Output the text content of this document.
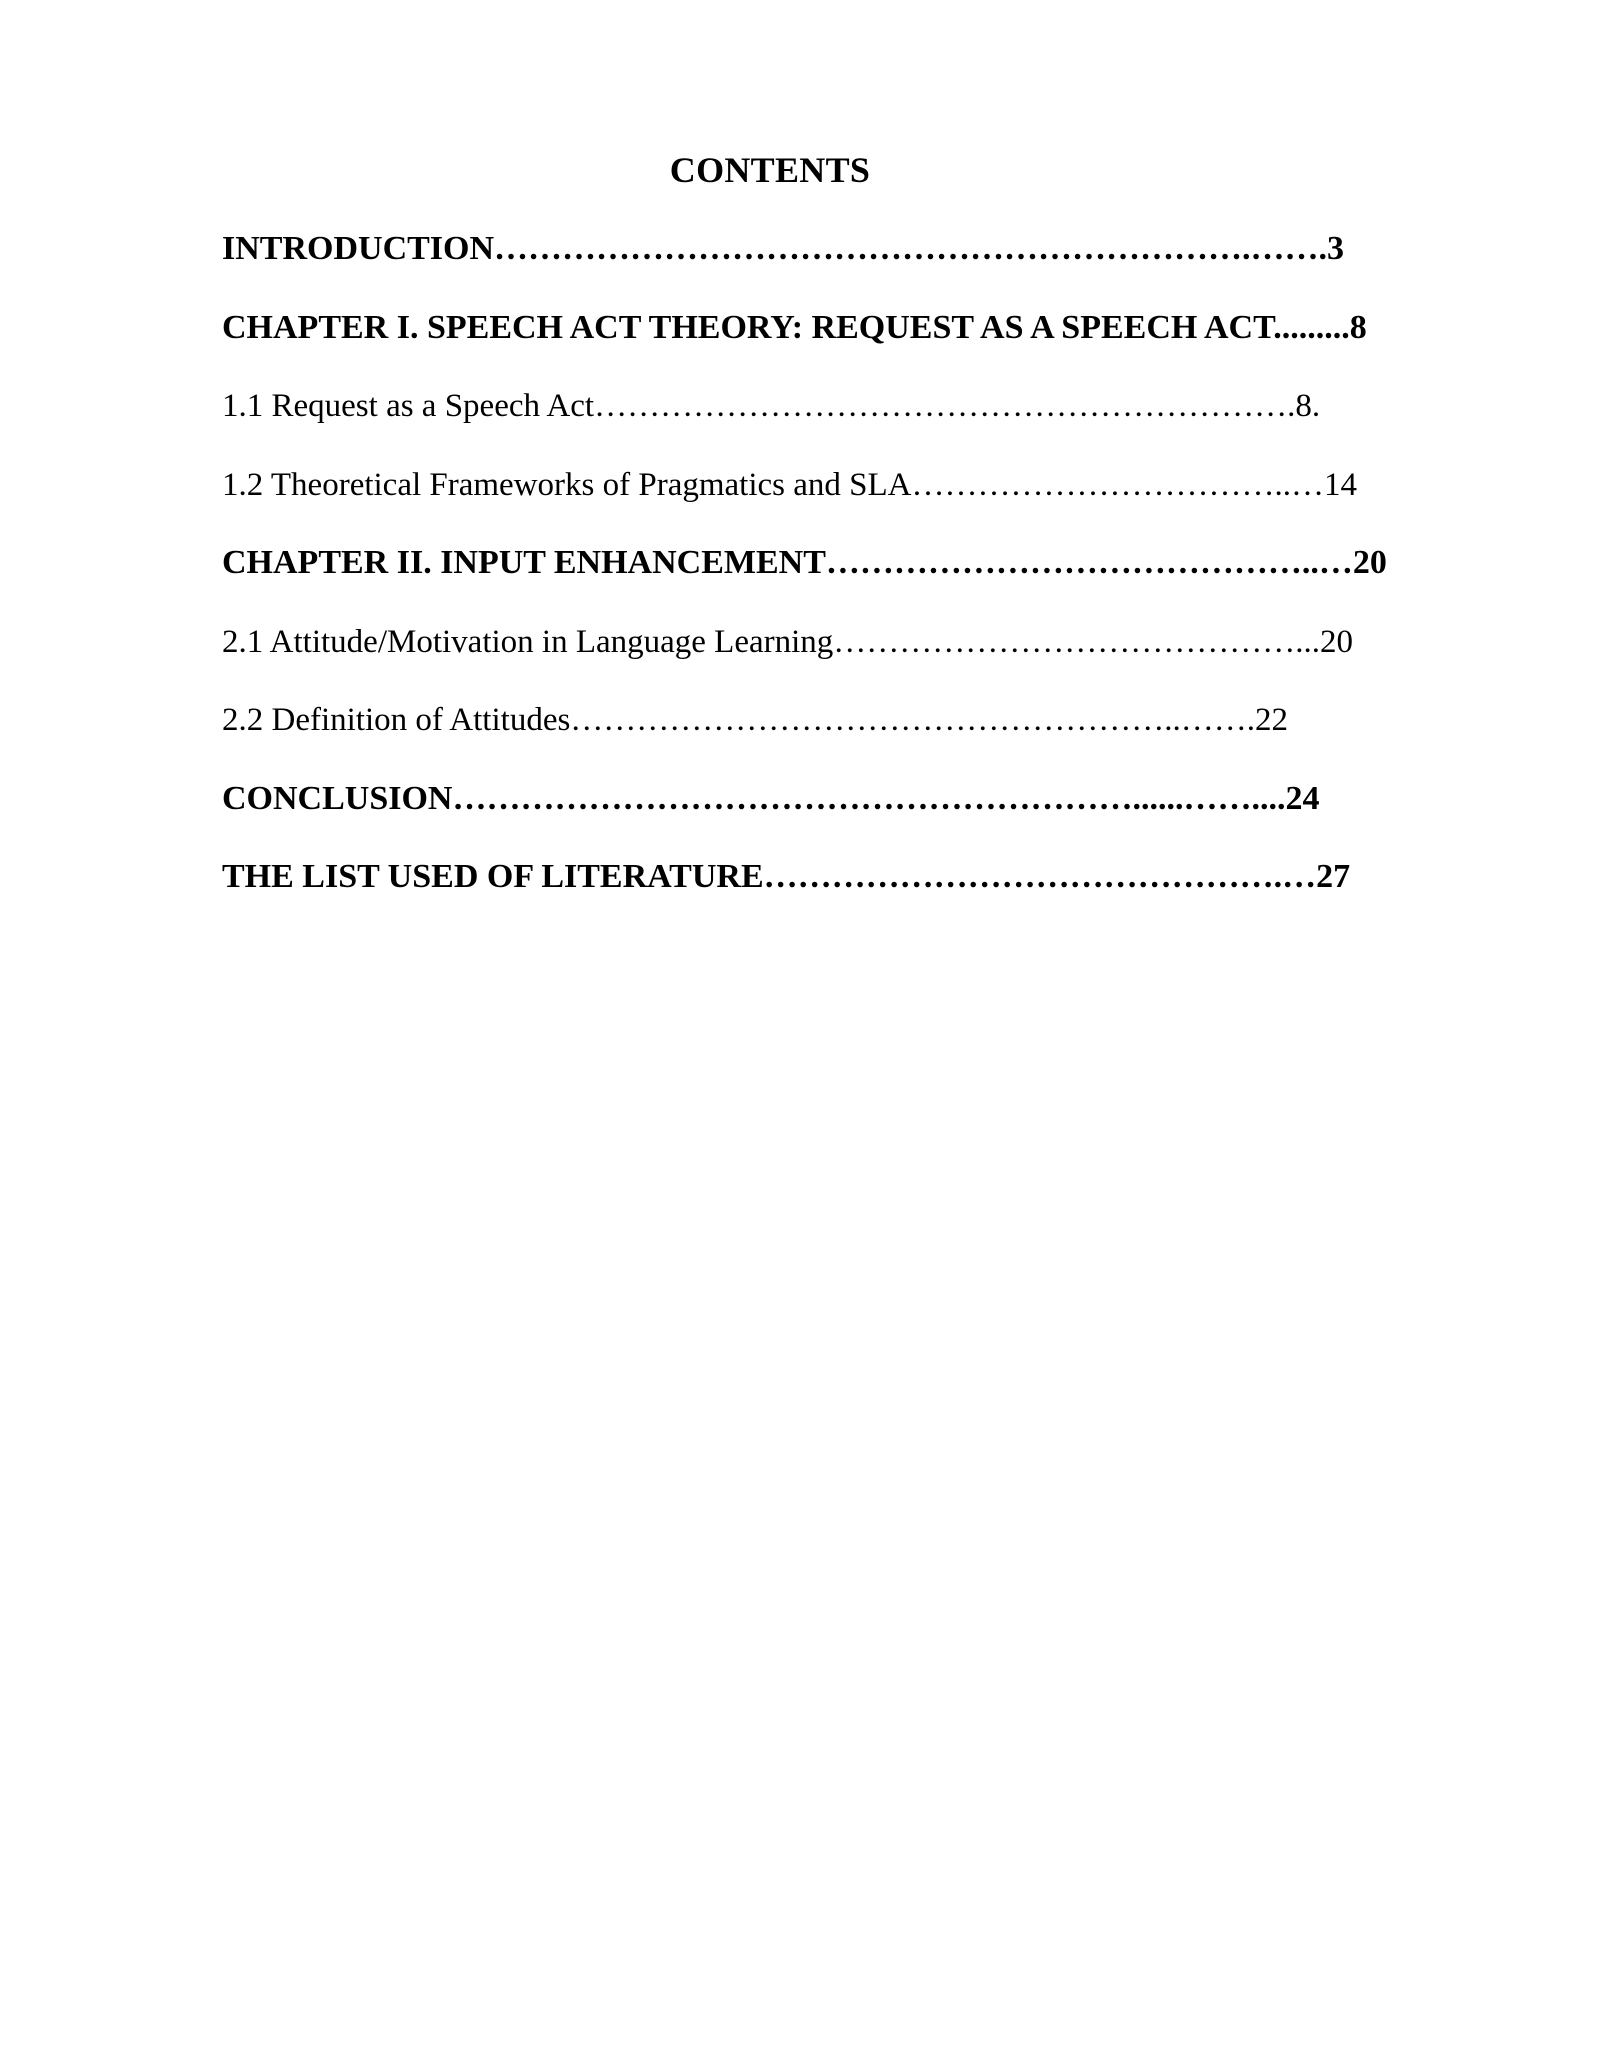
CONTENTS
INTRODUCTION………………………………………………………….…….3
CHAPTER I. SPEECH ACT THEORY: REQUEST AS A SPEECH ACT.........8
1.1 Request as a Speech Act……………………………………………………….8.
1.2 Theoretical Frameworks of Pragmatics and SLA……………………………..…14
CHAPTER II. INPUT ENHANCEMENT……………………………………..…20
2.1 Attitude/Motivation in Language Learning……………………………………...20
2.2 Definition of Attitudes………………………………………………..…….22
CONCLUSION……………………………………………………......……....24
THE LIST USED OF LITERATURE……………………………………….…27
